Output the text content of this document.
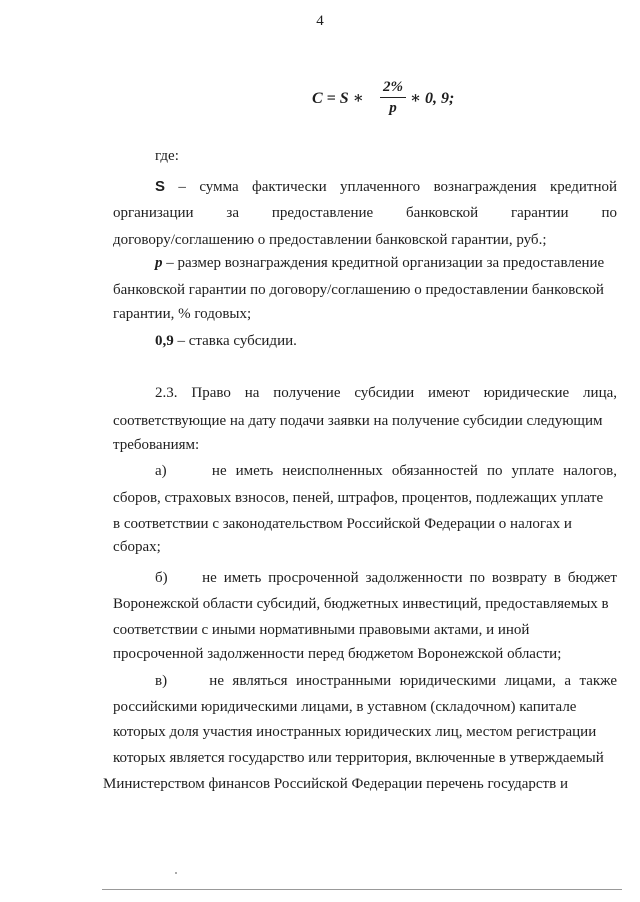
4
C = S ∗
2%
p
∗ 0, 9;
где:
S – сумма фактически уплаченного вознаграждения кредитной
организации за предоставление банковской гарантии по
договору/соглашению о предоставлении банковской гарантии, руб.;
p – размер вознаграждения кредитной организации за предоставление
банковской гарантии по договору/соглашению о предоставлении банковской
гарантии, % годовых;
0,9 – ставка субсидии.
2.3. Право на получение субсидии имеют юридические лица,
соответствующие на дату подачи заявки на получение субсидии следующим
требованиям:
а)     не иметь неисполненных обязанностей по уплате налогов,
сборов, страховых взносов, пеней, штрафов, процентов, подлежащих уплате
в соответствии с законодательством Российской Федерации о налогах и
сборах;
б)     не иметь просроченной задолженности по возврату в бюджет
Воронежской области субсидий, бюджетных инвестиций, предоставляемых в
соответствии с иными нормативными правовыми актами, и иной
просроченной задолженности перед бюджетом Воронежской области;
в)     не являться иностранными юридическими лицами, а также
российскими юридическими лицами, в уставном (складочном) капитале
которых доля участия иностранных юридических лиц, местом регистрации
которых является государство или территория, включенные в утверждаемый
Министерством финансов Российской Федерации перечень государств и
